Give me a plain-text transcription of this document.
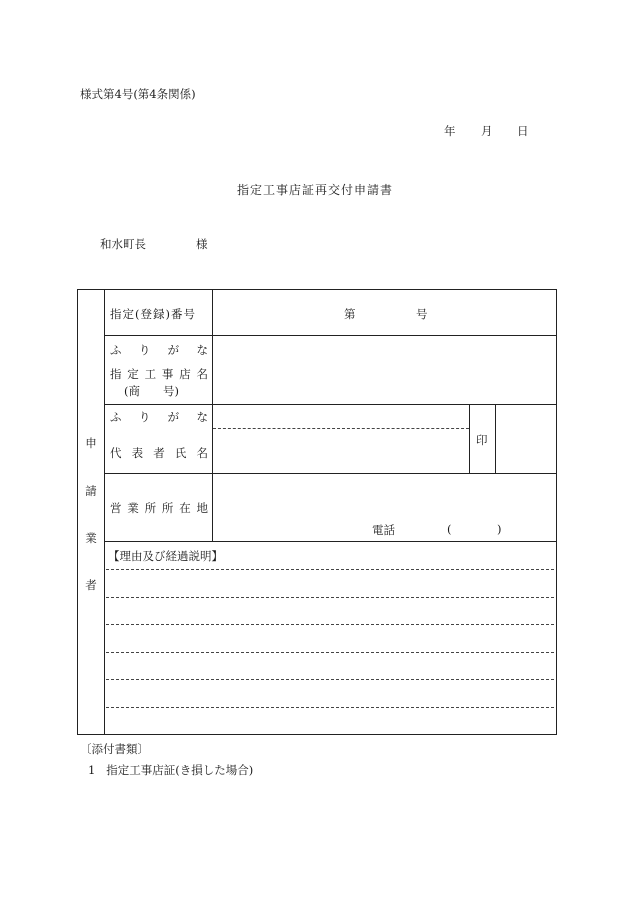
様式第4号(第4条関係)
年 月 日
指定工事店証再交付申請書
和水町長	様
申
請
業
者
指定(登録)番号	第	号
ふ り が な
指 定 工 事 店 名
(商　　号)
ふ り が な
代 表 者 氏 名
印
営 業 所 所 在 地
電話	(	)
【理由及び経過説明】
〔添付書類〕
1 指定工事店証(き損した場合)
